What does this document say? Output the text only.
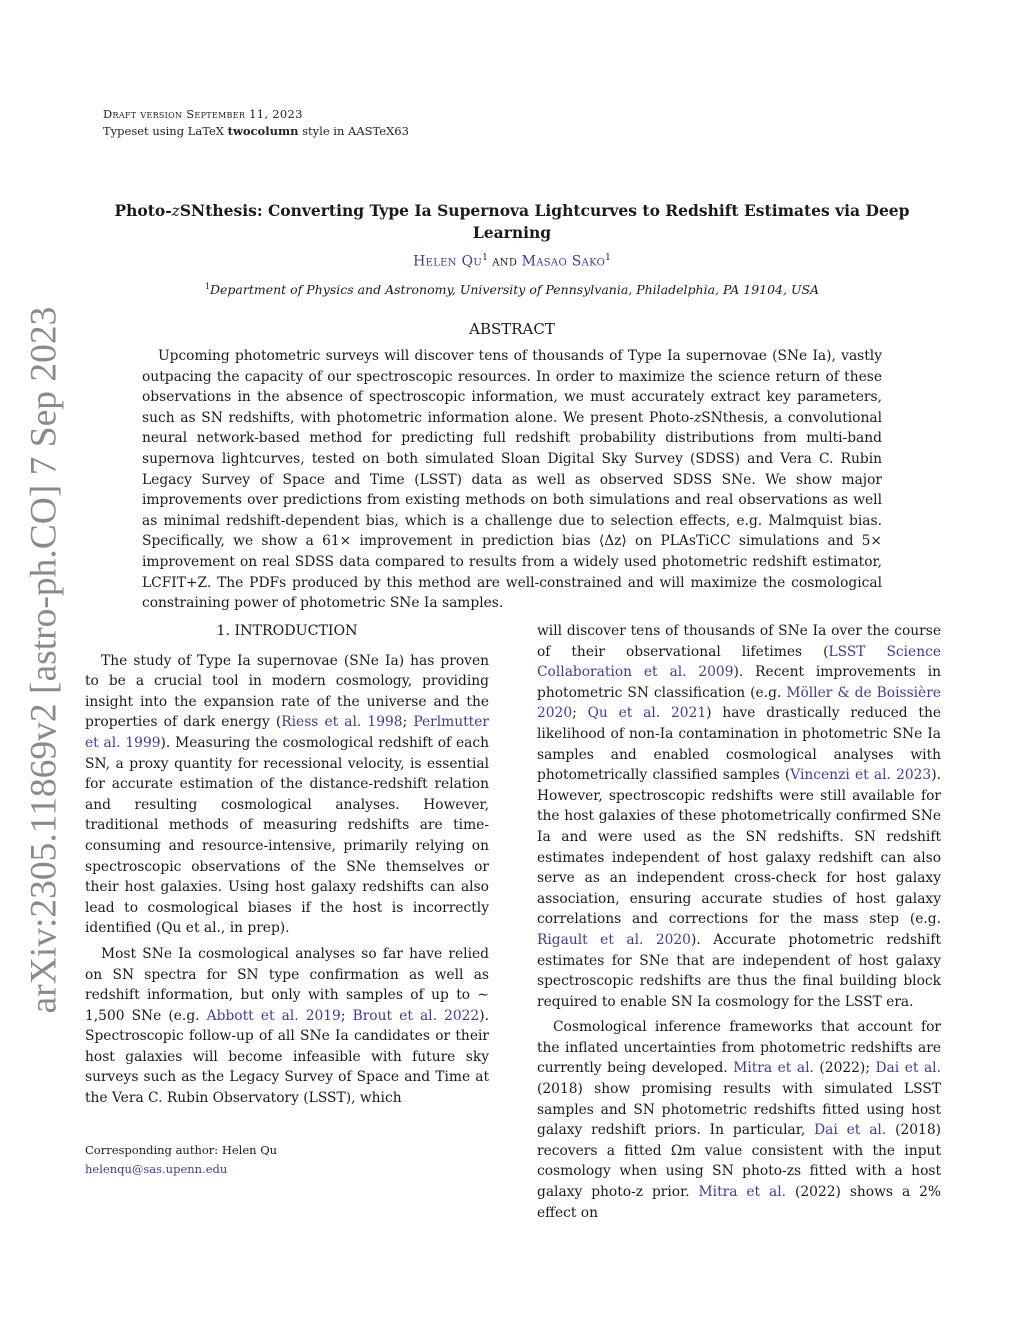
arXiv:2305.11869v2 [astro-ph.CO] 7 Sep 2023
Draft version September 11, 2023
Typeset using LaTeX twocolumn style in AASTeX63
Photo-zSNthesis: Converting Type Ia Supernova Lightcurves to Redshift Estimates via Deep Learning
Helen Qu$^1$ and Masao Sako$^1$
$^1$Department of Physics and Astronomy, University of Pennsylvania, Philadelphia, PA 19104, USA
ABSTRACT

Upcoming photometric surveys will discover tens of thousands of Type Ia supernovae (SNe Ia), vastly outpacing the capacity of our spectroscopic resources. In order to maximize the science return of these observations in the absence of spectroscopic information, we must accurately extract key parameters, such as SN redshifts, with photometric information alone. We present Photo-zSNthesis, a convolutional neural network-based method for predicting full redshift probability distributions from multi-band supernova lightcurves, tested on both simulated Sloan Digital Sky Survey (SDSS) and Vera C. Rubin Legacy Survey of Space and Time (LSST) data as well as observed SDSS SNe. We show major improvements over predictions from existing methods on both simulations and real observations as well as minimal redshift-dependent bias, which is a challenge due to selection effects, e.g. Malmquist bias. Specifically, we show a 61× improvement in prediction bias ⟨Δz⟩ on PLAsTiCC simulations and 5× improvement on real SDSS data compared to results from a widely used photometric redshift estimator, LCFIT+Z. The PDFs produced by this method are well-constrained and will maximize the cosmological constraining power of photometric SNe Ia samples.

1. INTRODUCTION

The study of Type Ia supernovae (SNe Ia) has proven to be a crucial tool in modern cosmology, providing insight into the expansion rate of the universe and the properties of dark energy (Riess et al. 1998; Perlmutter et al. 1999). Measuring the cosmological redshift of each SN, a proxy quantity for recessional velocity, is essential for accurate estimation of the distance-redshift relation and resulting cosmological analyses. However, traditional methods of measuring redshifts are time-consuming and resource-intensive, primarily relying on spectroscopic observations of the SNe themselves or their host galaxies. Using host galaxy redshifts can also lead to cosmological biases if the host is incorrectly identified (Qu et al., in prep).

Most SNe Ia cosmological analyses so far have relied on SN spectra for SN type confirmation as well as redshift information, but only with samples of up to ∼ 1,500 SNe (e.g. Abbott et al. 2019; Brout et al. 2022). Spectroscopic follow-up of all SNe Ia candidates or their host galaxies will become infeasible with future sky surveys such as the Legacy Survey of Space and Time at the Vera C. Rubin Observatory (LSST), which

will discover tens of thousands of SNe Ia over the course of their observational lifetimes (LSST Science Collaboration et al. 2009). Recent improvements in photometric SN classification (e.g. Möller & de Boissière 2020; Qu et al. 2021) have drastically reduced the likelihood of non-Ia contamination in photometric SNe Ia samples and enabled cosmological analyses with photometrically classified samples (Vincenzi et al. 2023). However, spectroscopic redshifts were still available for the host galaxies of these photometrically confirmed SNe Ia and were used as the SN redshifts. SN redshift estimates independent of host galaxy redshift can also serve as an independent cross-check for host galaxy association, ensuring accurate studies of host galaxy correlations and corrections for the mass step (e.g. Rigault et al. 2020). Accurate photometric redshift estimates for SNe that are independent of host galaxy spectroscopic redshifts are thus the final building block required to enable SN Ia cosmology for the LSST era.

Cosmological inference frameworks that account for the inflated uncertainties from photometric redshifts are currently being developed. Mitra et al. (2022); Dai et al. (2018) show promising results with simulated LSST samples and SN photometric redshifts fitted using host galaxy redshift priors. In particular, Dai et al. (2018) recovers a fitted Ωm value consistent with the input cosmology when using SN photo-zs fitted with a host galaxy photo-z prior. Mitra et al. (2022) shows a 2% effect on

Corresponding author: Helen Qu
helenqu@sas.upenn.edu
